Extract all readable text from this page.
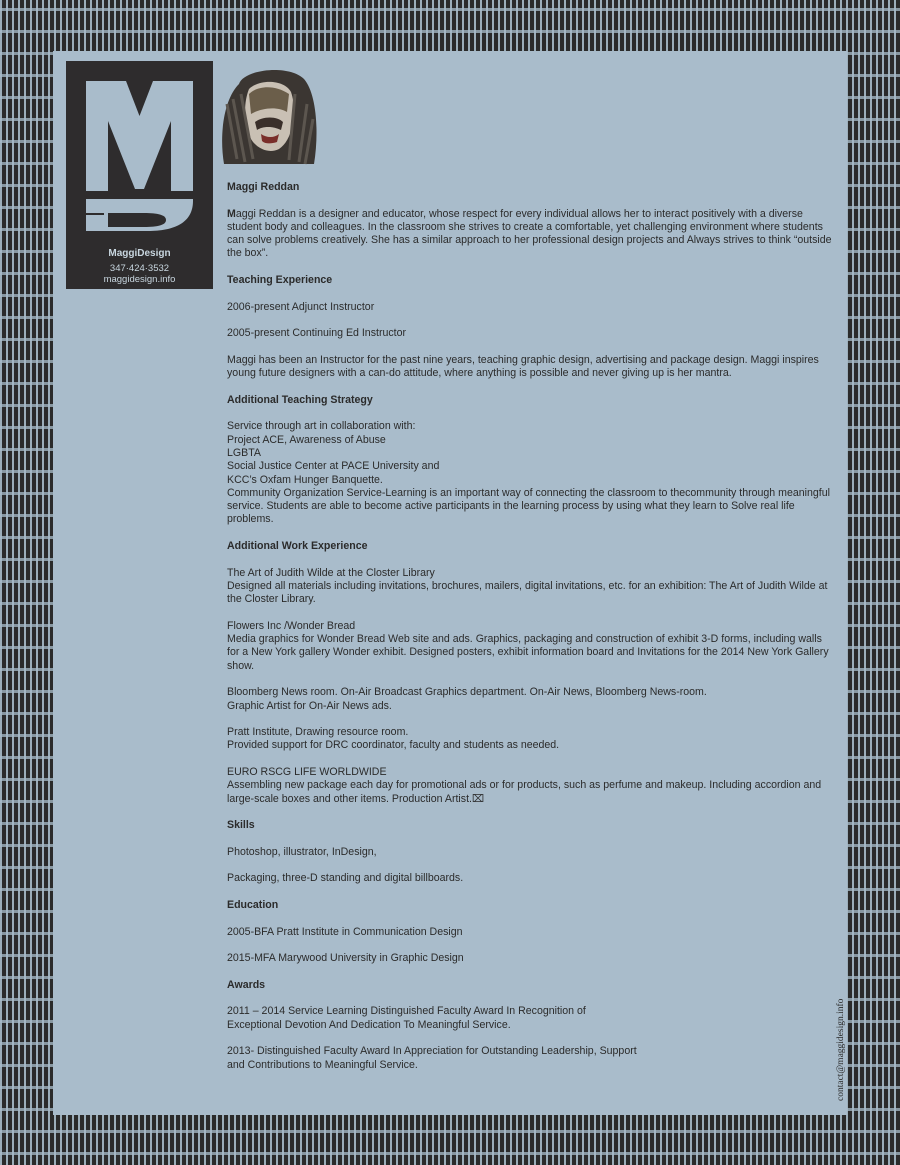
MaggiDesign
347·424·3532
maggidesign.info

Maggi Reddan

Maggi Reddan is a designer and educator, whose respect for every individual allows her to interact positively with a diverse student body and colleagues. In the classroom she strives to create a comfortable, yet challenging environment where students can solve problems creatively. She has a similar approach to her professional design projects and Always strives to think “outside the box”.

Teaching Experience

2006-present Adjunct Instructor

2005-present Continuing Ed Instructor

Maggi has been an Instructor for the past nine years, teaching graphic design, advertising and package design. Maggi inspires young future designers with a can-do attitude, where anything is possible and never giving up is her mantra.

Additional Teaching Strategy

Service through art in collaboration with:

Project ACE, Awareness of Abuse

LGBTA

Social Justice Center at PACE University and

KCC’s Oxfam Hunger Banquette.

Community Organization Service-Learning is an important way of connecting the classroom to thecommunity through meaningful service. Students are able to become active participants in the learning process by using what they learn to Solve real life problems.

Additional Work Experience

The Art of Judith Wilde at the Closter Library

Designed all materials including invitations, brochures, mailers, digital invitations, etc. for an exhibition: The Art of Judith Wilde at the Closter Library.

Flowers Inc /Wonder Bread

Media graphics for Wonder Bread Web site and ads. Graphics, packaging and construction of exhibit 3-D forms, including walls for a New York gallery Wonder exhibit. Designed posters, exhibit information board and Invitations for the 2014 New York Gallery show.

Bloomberg News room. On-Air Broadcast Graphics department. On-Air News, Bloomberg News-room.

Graphic Artist for On-Air News ads.

Pratt Institute, Drawing resource room.

Provided support for DRC coordinator, faculty and students as needed.

EURO RSCG LIFE WORLDWIDE

Assembling new package each day for promotional ads or for products, such as perfume and makeup. Including accordion and large-scale boxes and other items. Production Artist.⌧

Skills

Photoshop, illustrator, InDesign,

Packaging, three-D standing and digital billboards.

Education

2005-BFA Pratt Institute in Communication Design

2015-MFA Marywood University in Graphic Design

Awards

2011 – 2014 Service Learning Distinguished Faculty Award In Recognition of

Exceptional Devotion And Dedication To Meaningful Service.

2013- Distinguished Faculty Award In Appreciation for Outstanding Leadership, Support

and Contributions to Meaningful Service.	contact@maggidesign.info
